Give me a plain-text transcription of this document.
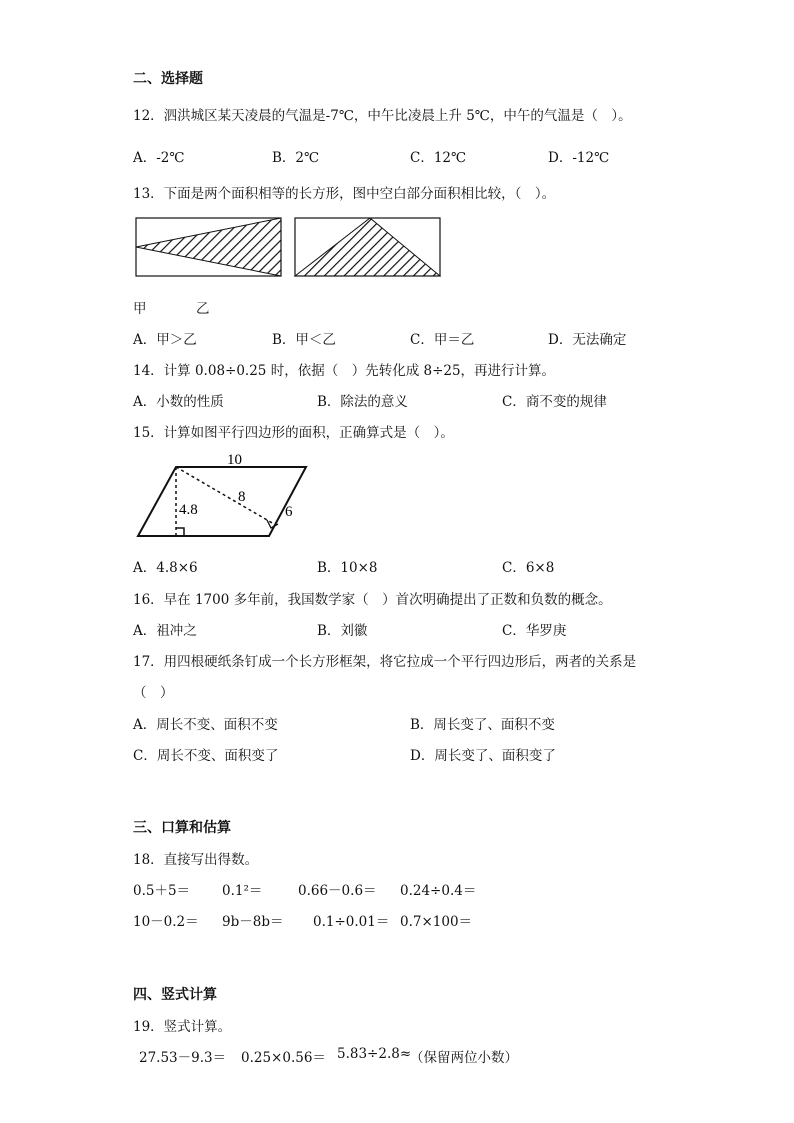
二、选择题
12．泗洪城区某天凌晨的气温是-7℃，中午比凌晨上升 5℃，中午的气温是（　）。
A．-2℃	B．2℃	C．12℃	D．-12℃
13．下面是两个面积相等的长方形，图中空白部分面积相比较，（　）。
甲	乙
A．甲＞乙	B．甲＜乙	C．甲＝乙	D．无法确定
14．计算 0.08÷0.25 时，依据（　）先转化成 8÷25，再进行计算。
A．小数的性质	B．除法的意义	C．商不变的规律
15．计算如图平行四边形的面积，正确算式是（　）。
10
4.8
8
6
A．4.8×6	B．10×8	C．6×8
16．早在 1700 多年前，我国数学家（　）首次明确提出了正数和负数的概念。
A．祖冲之	B．刘徽	C．华罗庚
17．用四根硬纸条钉成一个长方形框架，将它拉成一个平行四边形后，两者的关系是
（　）
A．周长不变、面积不变	B．周长变了、面积不变
C．周长不变、面积变了	D．周长变了、面积变了
三、口算和估算
18．直接写出得数。
0.5＋5＝ 0.1²＝	0.66－0.6＝ 0.24÷0.4＝
10－0.2＝ 9b－8b＝ 0.1÷0.01＝ 0.7×100＝
四、竖式计算
19．竖式计算。
27.53－9.3＝ 0.25×0.56＝ 5.83÷2.8≈
（保留两位小数）
